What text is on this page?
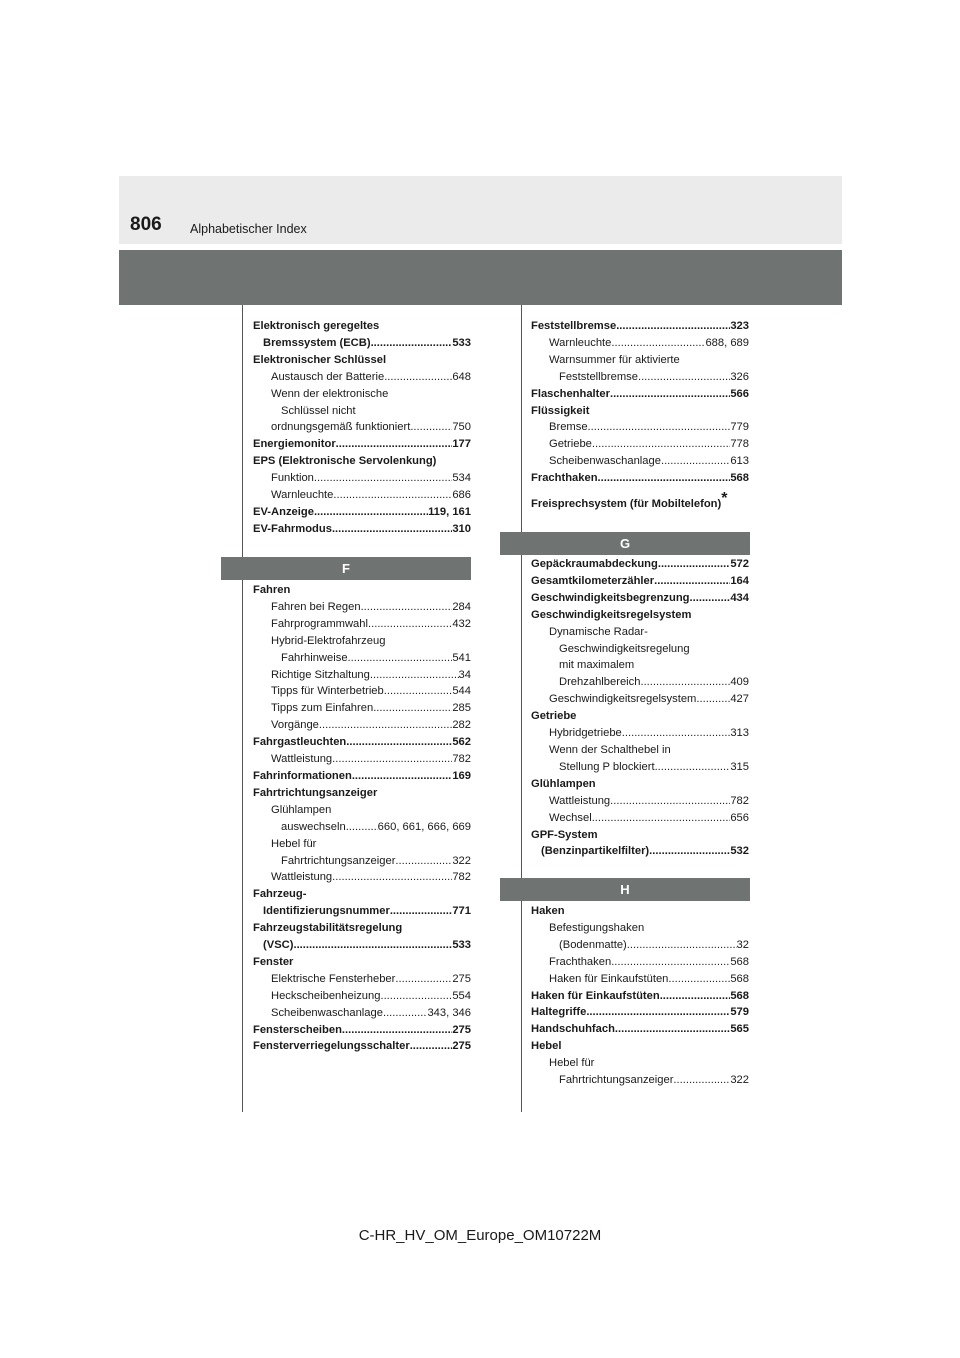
806 Alphabetischer Index
Elektronisch geregeltes
Bremssystem (ECB) .....	533
Elektronischer Schlüssel
Austausch der Batterie .....	648
Wenn der elektronische
Schlüssel nicht
ordnungsgemäß funktioniert .....	750
Energiemonitor .....	177
EPS (Elektronische Servolenkung)
Funktion .....	534
Warnleuchte .....	686
EV-Anzeige .....	119, 161
EV-Fahrmodus .....	310
F
Fahren
Fahren bei Regen .....	284
Fahrprogrammwahl .....	432
Hybrid-Elektrofahrzeug
Fahrhinweise .....	541
Richtige Sitzhaltung .....	34
Tipps für Winterbetrieb .....	544
Tipps zum Einfahren .....	285
Vorgänge .....	282
Fahrgastleuchten .....	562
Wattleistung .....	782
Fahrinformationen .....	169
Fahrtrichtungsanzeiger
Glühlampen
auswechseln .....	660, 661, 666, 669
Hebel für
Fahrtrichtungsanzeiger .....	322
Wattleistung .....	782
Fahrzeug-
Identifizierungsnummer .....	771
Fahrzeugstabilitätsregelung
(VSC) .....	533
Fenster
Elektrische Fensterheber .....	275
Heckscheibenheizung .....	554
Scheibenwaschanlage .....	343, 346
Fensterscheiben .....	275
Fensterverriegelungsschalter .....	275
Feststellbremse .....	323
Warnleuchte .....	688, 689
Warnsummer für aktivierte
Feststellbremse .....	326
Flaschenhalter .....	566
Flüssigkeit
Bremse .....	779
Getriebe .....	778
Scheibenwaschanlage .....	613
Frachthaken .....	568
Freisprechsystem (für Mobiltelefon)*
G
Gepäckraumabdeckung .....	572
Gesamtkilometerzähler .....	164
Geschwindigkeitsbegrenzung .....	434
Geschwindigkeitsregelsystem
Dynamische Radar-
Geschwindigkeitsregelung
mit maximalem
Drehzahlbereich .....	409
Geschwindigkeitsregelsystem .....	427
Getriebe
Hybridgetriebe .....	313
Wenn der Schalthebel in
Stellung P blockiert .....	315
Glühlampen
Wattleistung .....	782
Wechsel .....	656
GPF-System
(Benzinpartikelfilter) .....	532
H
Haken
Befestigungshaken
(Bodenmatte) .....	32
Frachthaken .....	568
Haken für Einkaufstüten .....	568
Haken für Einkaufstüten .....	568
Haltegriffe .....	579
Handschuhfach .....	565
Hebel
Hebel für
Fahrtrichtungsanzeiger .....	322
C-HR_HV_OM_Europe_OM10722M
